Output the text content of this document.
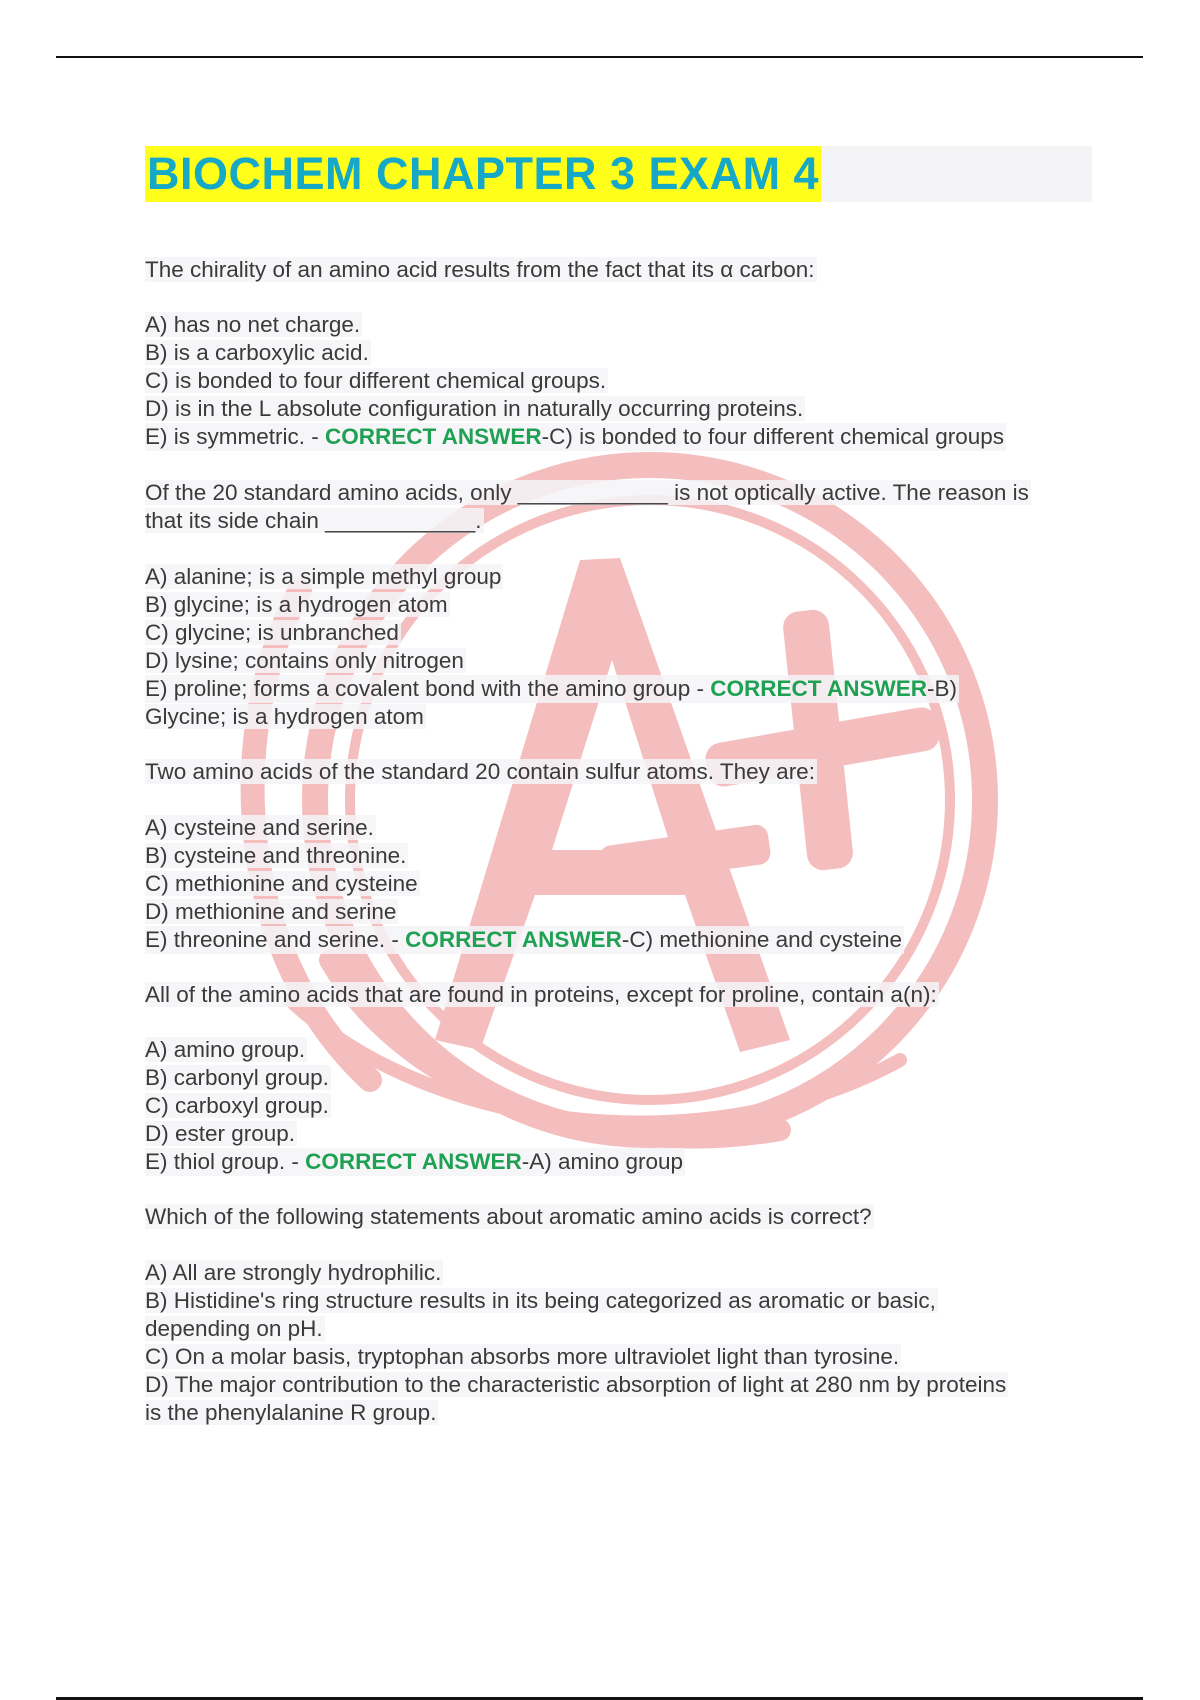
BIOCHEM CHAPTER 3 EXAM 4
The chirality of an amino acid results from the fact that its α carbon:
A) has no net charge.
B) is a carboxylic acid.
C) is bonded to four different chemical groups.
D) is in the L absolute configuration in naturally occurring proteins.
E) is symmetric. - CORRECT ANSWER-C) is bonded to four different chemical groups
Of the 20 standard amino acids, only ____________ is not optically active. The reason is
that its side chain ____________.
A) alanine; is a simple methyl group
B) glycine; is a hydrogen atom
C) glycine; is unbranched
D) lysine; contains only nitrogen
E) proline; forms a covalent bond with the amino group - CORRECT ANSWER-B)
Glycine; is a hydrogen atom
Two amino acids of the standard 20 contain sulfur atoms. They are:
A) cysteine and serine.
B) cysteine and threonine.
C) methionine and cysteine
D) methionine and serine
E) threonine and serine. - CORRECT ANSWER-C) methionine and cysteine
All of the amino acids that are found in proteins, except for proline, contain a(n):
A) amino group.
B) carbonyl group.
C) carboxyl group.
D) ester group.
E) thiol group. - CORRECT ANSWER-A) amino group
Which of the following statements about aromatic amino acids is correct?
A) All are strongly hydrophilic.
B) Histidine's ring structure results in its being categorized as aromatic or basic,
depending on pH.
C) On a molar basis, tryptophan absorbs more ultraviolet light than tyrosine.
D) The major contribution to the characteristic absorption of light at 280 nm by proteins
is the phenylalanine R group.
